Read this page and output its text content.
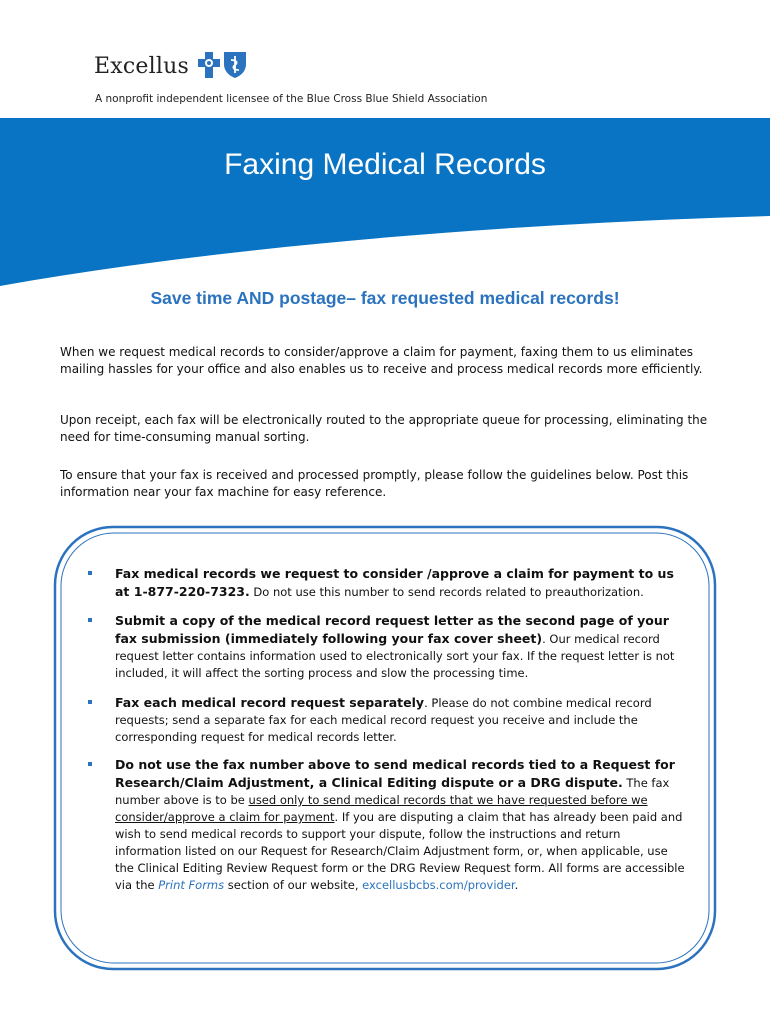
Excellus
A nonprofit independent licensee of the Blue Cross Blue Shield Association
Faxing Medical Records
Save time AND postage– fax requested medical records!
When we request medical records to consider/approve a claim for payment, faxing them to us eliminates mailing hassles for your office and also enables us to receive and process medical records more efficiently.
Upon receipt, each fax will be electronically routed to the appropriate queue for processing, eliminating the need for time-consuming manual sorting.
To ensure that your fax is received and processed promptly, please follow the guidelines below. Post this information near your fax machine for easy reference.
Fax medical records we request to consider /approve a claim for payment to us at 1-877-220-7323. Do not use this number to send records related to preauthorization.
Submit a copy of the medical record request letter as the second page of your fax submission (immediately following your fax cover sheet). Our medical record request letter contains information used to electronically sort your fax. If the request letter is not included, it will affect the sorting process and slow the processing time.
Fax each medical record request separately. Please do not combine medical record requests; send a separate fax for each medical record request you receive and include the corresponding request for medical records letter.
Do not use the fax number above to send medical records tied to a Request for Research/Claim Adjustment, a Clinical Editing dispute or a DRG dispute. The fax number above is to be used only to send medical records that we have requested before we consider/approve a claim for payment. If you are disputing a claim that has already been paid and wish to send medical records to support your dispute, follow the instructions and return information listed on our Request for Research/Claim Adjustment form, or, when applicable, use the Clinical Editing Review Request form or the DRG Review Request form. All forms are accessible via the Print Forms section of our website, excellusbcbs.com/provider.
